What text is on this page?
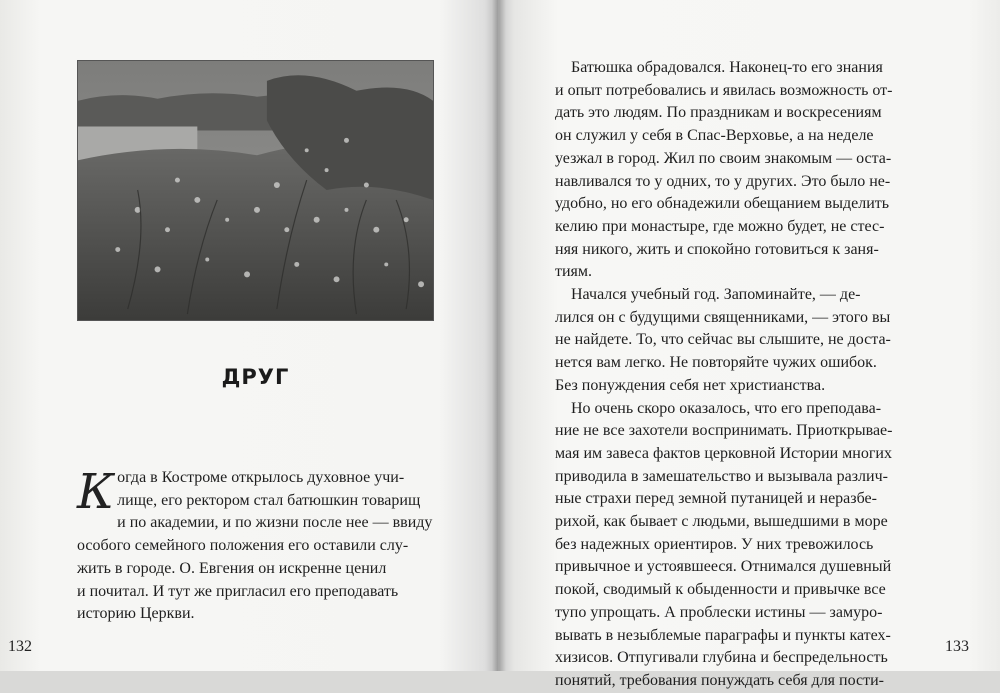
ДРУГ
К огда в Костроме открылось духовное учи-
лище, его ректором стал батюшкин товарищ
и по академии, и по жизни после нее — ввиду
особого семейного положения его оставили слу-
жить в городе. О. Евгения он искренне ценил
и почитал. И тут же пригласил его преподавать
историю Церкви.

132

Батюшка обрадовался. Наконец-то его знания
и опыт потребовались и явилась возможность от-
дать это людям. По праздникам и воскресениям
он служил у себя в Спас-Верховье, а на неделе
уезжал в город. Жил по своим знакомым — оста-
навливался то у одних, то у других. Это было не-
удобно, но его обнадежили обещанием выделить
келию при монастыре, где можно будет, не стес-
няя никого, жить и спокойно готовиться к заня-
тиям.
Начался учебный год. Запоминайте, — де-
лился он с будущими священниками, — этого вы
не найдете. То, что сейчас вы слышите, не доста-
нется вам легко. Не повторяйте чужих ошибок.
Без понуждения себя нет христианства.
Но очень скоро оказалось, что его преподава-
ние не все захотели воспринимать. Приоткрывае-
мая им завеса фактов церковной Истории многих
приводила в замешательство и вызывала различ-
ные страхи перед земной путаницей и неразбе-
рихой, как бывает с людьми, вышедшими в море
без надежных ориентиров. У них тревожилось
привычное и устоявшееся. Отнимался душевный
покой, сводимый к обыденности и привычке все
тупо упрощать. А проблески истины — замуро-
вывать в незыблемые параграфы и пункты катех-
хизисов. Отпугивали глубина и беспредельность
понятий, требования понуждать себя для пости-

133
